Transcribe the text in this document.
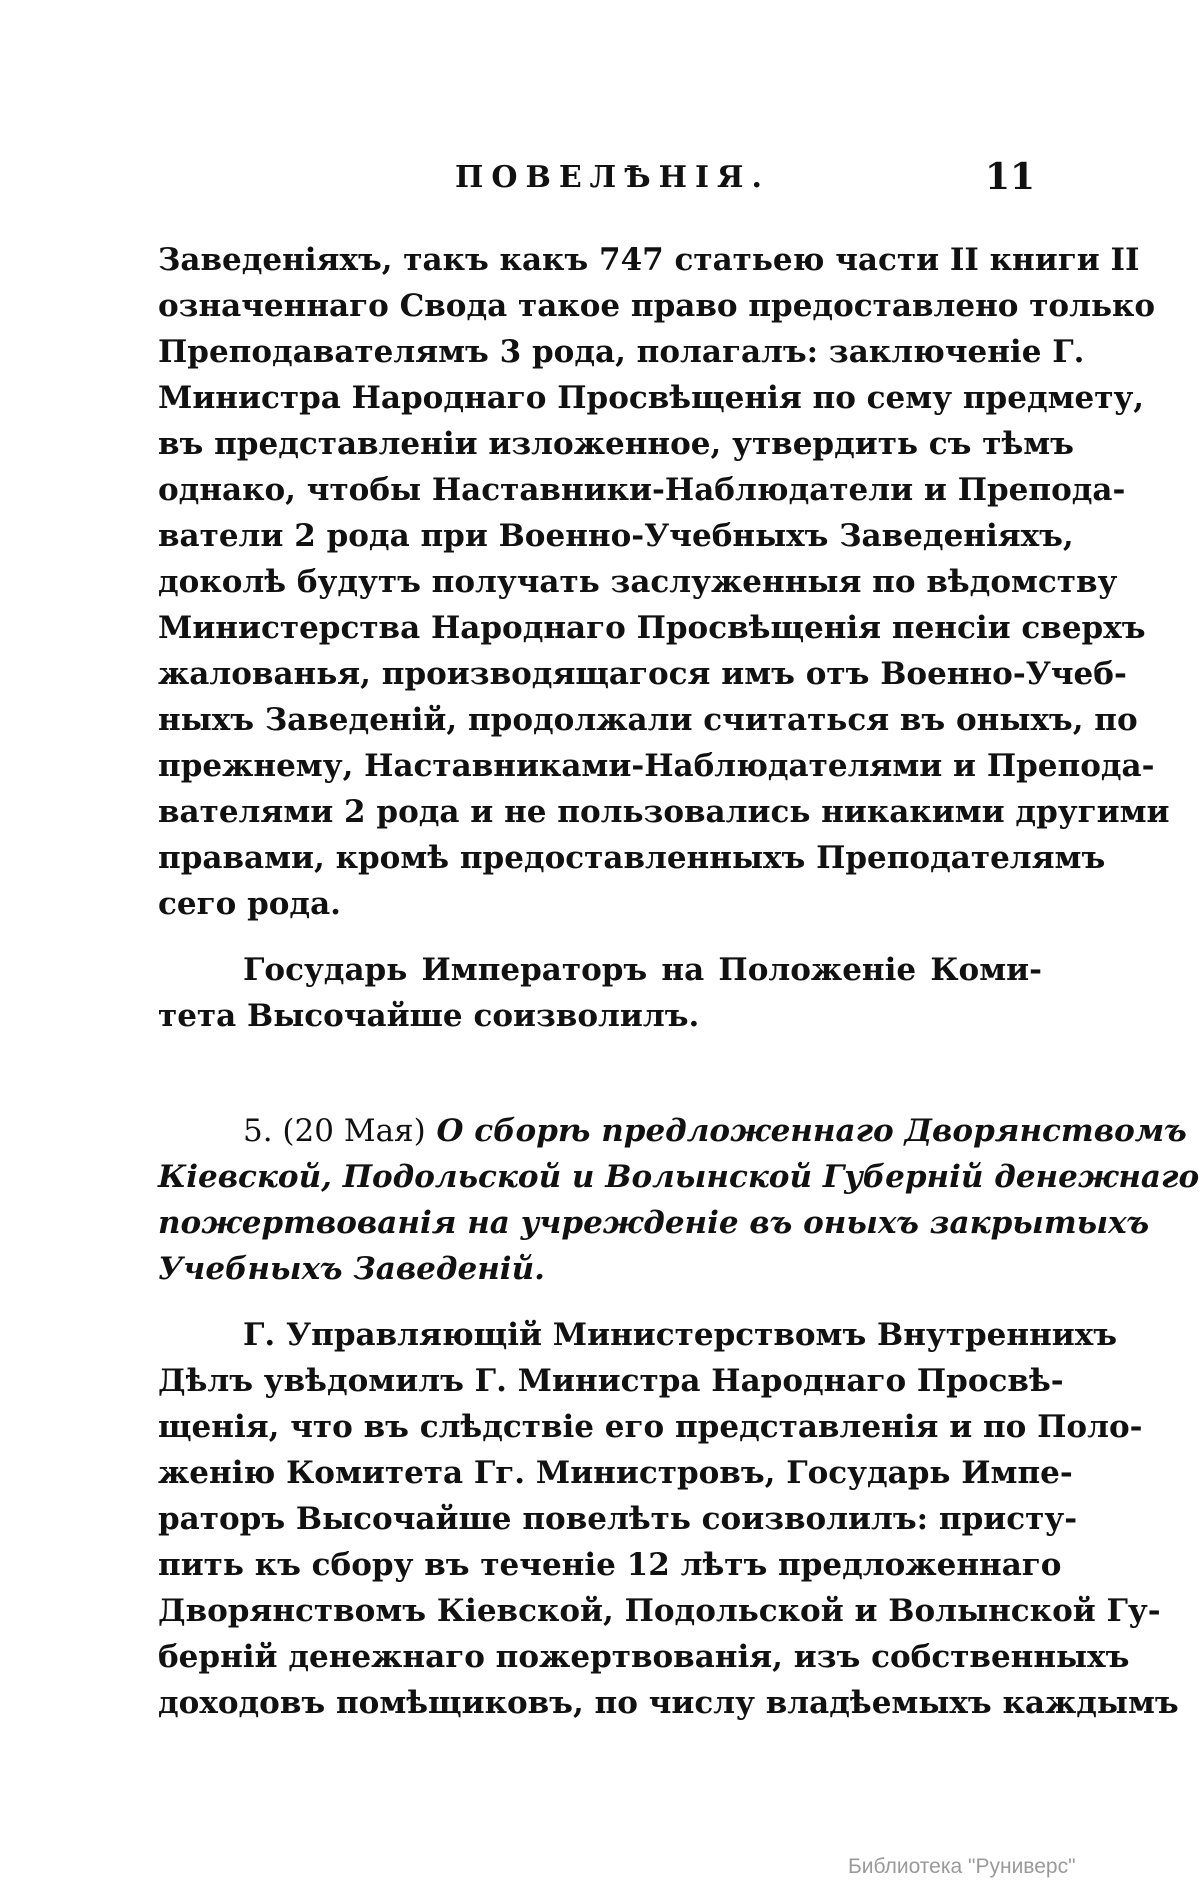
ПОВЕЛѢНІЯ.	11
Заведеніяхъ, такъ какъ 747 статьею части II книги II
означеннаго Свода такое право предоставлено только
Преподавателямъ 3 рода, полагалъ: заключеніе Г.
Министра Народнаго Просвѣщенія по сему предмету,
въ представленіи изложенное, утвердить съ тѣмъ
однако, чтобы Наставники-Наблюдатели и Препода-
ватели 2 рода при Военно-Учебныхъ Заведеніяхъ,
доколѣ будутъ получать заслуженныя по вѣдомству
Министерства Народнаго Просвѣщенія пенсіи сверхъ
жалованья, производящагося имъ отъ Военно-Учеб-
ныхъ Заведеній, продолжали считаться въ оныхъ, по
прежнему, Наставниками-Наблюдателями и Препода-
вателями 2 рода и не пользовались никакими другими
правами, кромѣ предоставленныхъ Преподателямъ
сего рода.
Государь Императоръ на Положеніе Коми-
тета Высочайше соизволилъ.
5. (20 Мая) О сборѣ предложеннаго Дворянствомъ
Кіевской, Подольской и Волынской Губерній денежнаго
пожертвованія на учрежденіе въ оныхъ закрытыхъ
Учебныхъ Заведеній.
Г. Управляющій Министерствомъ Внутреннихъ
Дѣлъ увѣдомилъ Г. Министра Народнаго Просвѣ-
щенія, что въ слѣдствіе его представленія и по Поло-
женію Комитета Гг. Министровъ, Государь Импе-
раторъ Высочайше повелѣть соизволилъ: присту-
пить къ сбору въ теченіе 12 лѣтъ предложеннаго
Дворянствомъ Кіевской, Подольской и Волынской Гу-
берній денежнаго пожертвованія, изъ собственныхъ
доходовъ помѣщиковъ, по числу владѣемыхъ каждымъ
Библиотека "Руниверс"
